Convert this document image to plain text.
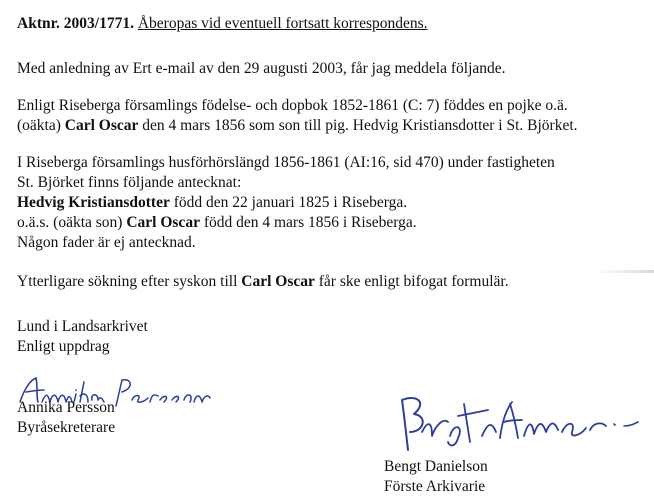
Aktnr. 2003/1771. Åberopas vid eventuell fortsatt korrespondens.
Med anledning av Ert e-mail av den 29 augusti 2003, får jag meddela följande.
Enligt Riseberga församlings födelse- och dopbok 1852-1861 (C: 7) föddes en pojke o.ä.
(oäkta) Carl Oscar den 4 mars 1856 som son till pig. Hedvig Kristiansdotter i St. Björket.
I Riseberga församlings husförhörslängd 1856-1861 (AI:16, sid 470) under fastigheten
St. Björket finns följande antecknat:
Hedvig Kristiansdotter född den 22 januari 1825 i Riseberga.
o.ä.s. (oäkta son) Carl Oscar född den 4 mars 1856 i Riseberga.
Någon fader är ej antecknad.
Ytterligare sökning efter syskon till Carl Oscar får ske enligt bifogat formulär.
Lund i Landsarkrivet
Enligt uppdrag
Annika Persson
Byråsekreterare
Bengt Danielson
Förste Arkivarie
